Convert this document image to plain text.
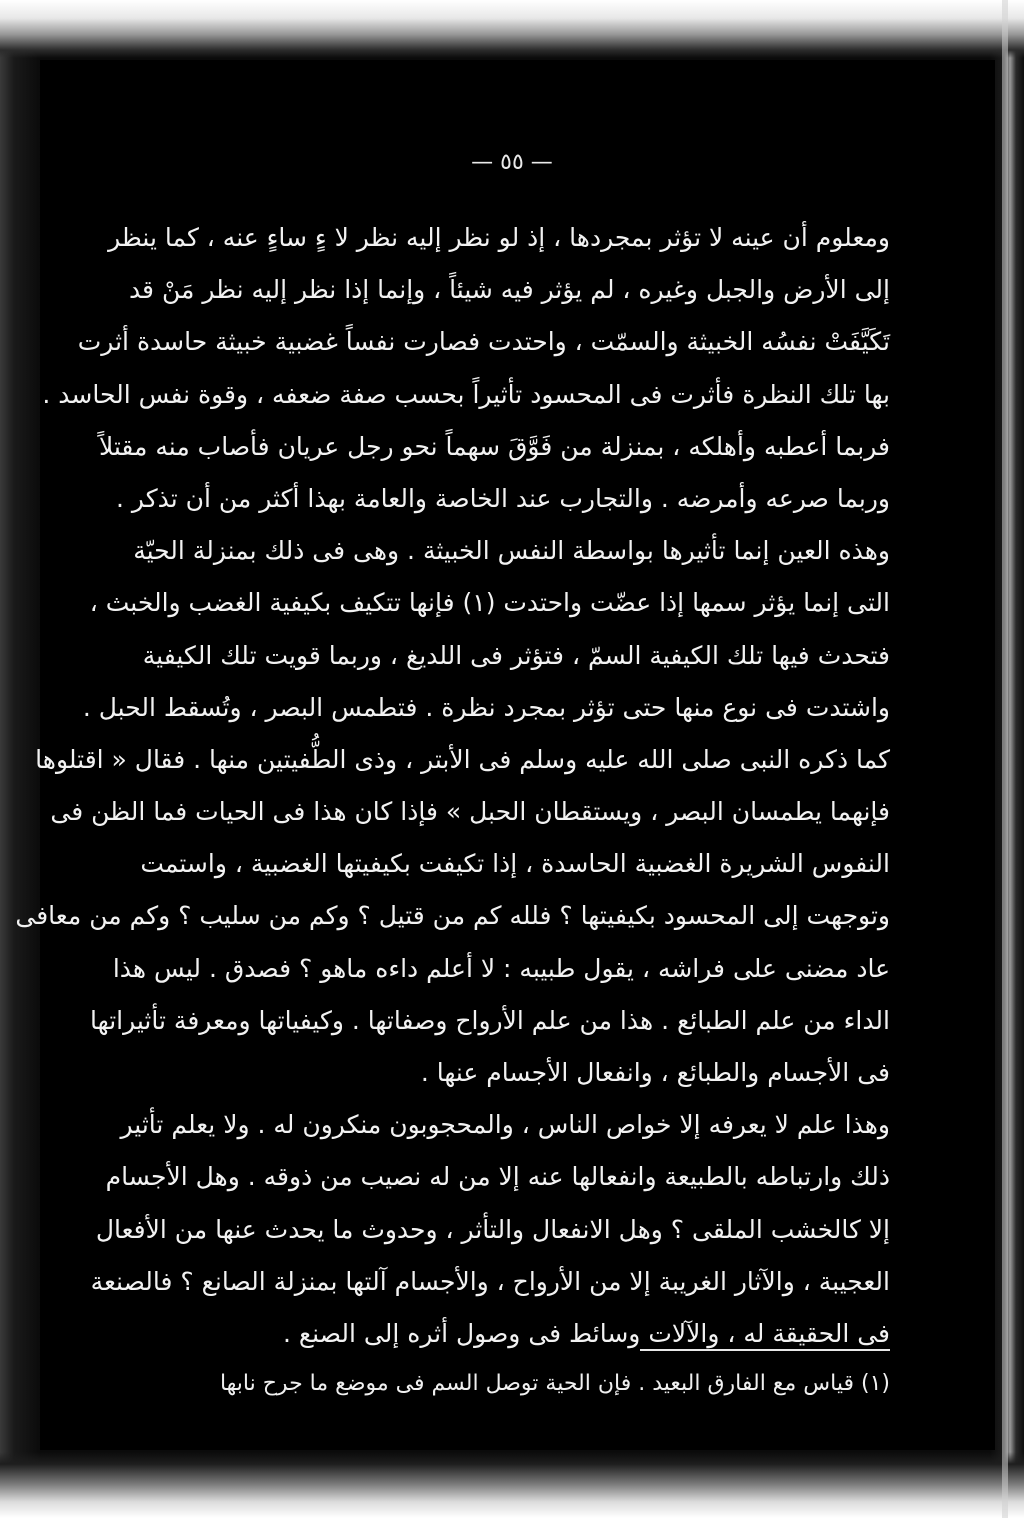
— ٥٥ —
ومعلوم أن عينه لا تؤثر بمجردها ، إذ لو نظر إليه نظر لا ءٍ ساءٍ عنه ، كما ينظر
إلى الأرض والجبل وغيره ، لم يؤثر فيه شيئاً ، وإنما إذا نظر إليه نظر مَنْ قد
تَكَيَّفَتْ نفسُه الخبيثة والسمّت ، واحتدت فصارت نفساً غضبية خبيثة حاسدة أثرت
بها تلك النظرة فأثرت فى المحسود تأثيراً بحسب صفة ضعفه ، وقوة نفس الحاسد .
فربما أعطبه وأهلكه ، بمنزلة من فَوَّقَ سهماً نحو رجل عريان فأصاب منه مقتلاً
وربما صرعه وأمرضه . والتجارب عند الخاصة والعامة بهذا أكثر من أن تذكر .
وهذه العين إنما تأثيرها بواسطة النفس الخبيثة . وهى فى ذلك بمنزلة الحيّة
التى إنما يؤثر سمها إذا عضّت واحتدت (١) فإنها تتكيف بكيفية الغضب والخبث ،
فتحدث فيها تلك الكيفية السمّ ، فتؤثر فى اللديغ ، وربما قويت تلك الكيفية
واشتدت فى نوع منها حتى تؤثر بمجرد نظرة . فتطمس البصر ، وتُسقط الحبل .
كما ذكره النبى صلى الله عليه وسلم فى الأبتر ، وذى الطُّفيتين منها . فقال « اقتلوها
فإنهما يطمسان البصر ، ويستقطان الحبل » فإذا كان هذا فى الحيات فما الظن فى
النفوس الشريرة الغضبية الحاسدة ، إذا تكيفت بكيفيتها الغضبية ، واستمت
وتوجهت إلى المحسود بكيفيتها ؟ فلله كم من قتيل ؟ وكم من سليب ؟ وكم من معافى
عاد مضنى على فراشه ، يقول طبيبه : لا أعلم داءه ماهو ؟ فصدق . ليس هذا
الداء من علم الطبائع . هذا من علم الأرواح وصفاتها . وكيفياتها ومعرفة تأثيراتها
فى الأجسام والطبائع ، وانفعال الأجسام عنها .
وهذا علم لا يعرفه إلا خواص الناس ، والمحجوبون منكرون له . ولا يعلم تأثير
ذلك وارتباطه بالطبيعة وانفعالها عنه إلا من له نصيب من ذوقه . وهل الأجسام
إلا كالخشب الملقى ؟ وهل الانفعال والتأثر ، وحدوث ما يحدث عنها من الأفعال
العجيبة ، والآثار الغريبة إلا من الأرواح ، والأجسام آلتها بمنزلة الصانع ؟ فالصنعة
فى الحقيقة له ، والآلات وسائط فى وصول أثره إلى الصنع .
(١) قياس مع الفارق البعيد . فإن الحية توصل السم فى موضع ما جرح نابها
